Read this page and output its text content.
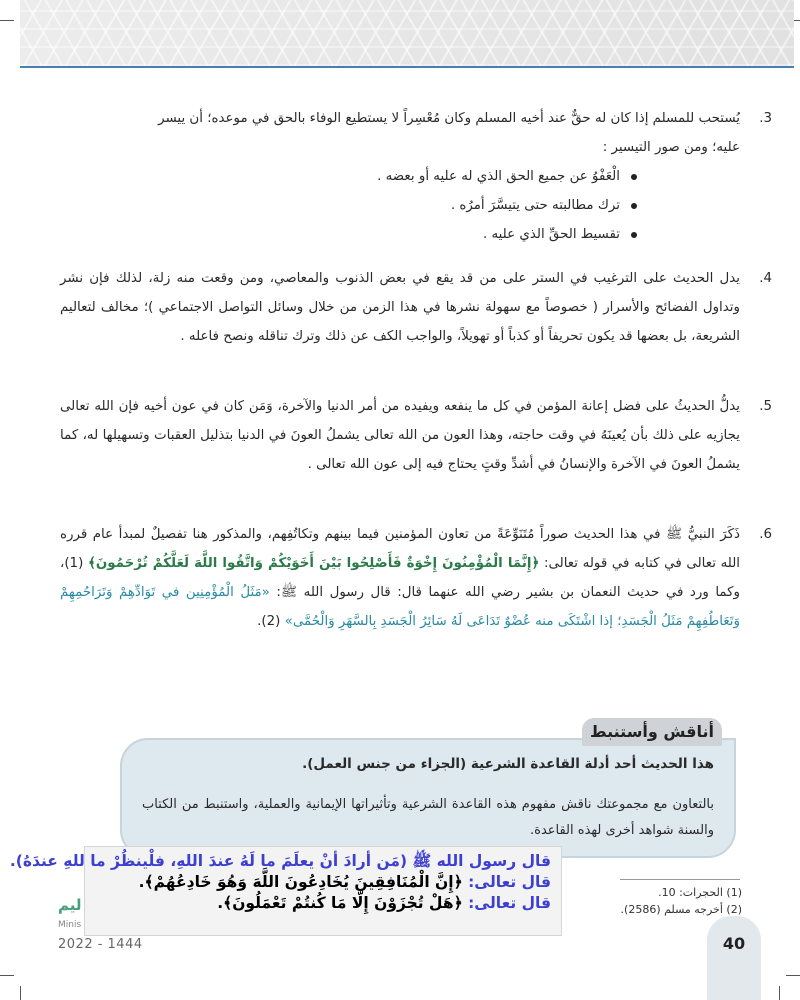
3.
يُستحب للمسلم إذا كان له حقٌّ عند أخيه المسلم وكان مُعْسِراً لا يستطيع الوفاء بالحق في موعده؛ أن ييسر
عليه؛ ومن صور التيسير :
الْعَفْوُ عن جميع الحق الذي له عليه أو بعضه .
ترك مطالبته حتى يتيسَّرَ أمرُه .
تقسيط الحقِّ الذي عليه .
4.
يدل الحديث على الترغيب في الستر على من قد يقع في بعض الذنوب والمعاصي، ومن وقعت منه زلة، لذلك فإن نشر وتداول الفضائح والأسرار ( خصوصاً مع سهولة نشرها في هذا الزمن من خلال وسائل التواصل الاجتماعي )؛ مخالف لتعاليم الشريعة، بل بعضها قد يكون تحريفاً أو كذباً أو تهويلاً، والواجب الكف عن ذلك وترك تناقله ونصح فاعله .
5.
يدلُّ الحديثُ على فضل إعانة المؤمن في كل ما ينفعه ويفيده من أمر الدنيا والآخرة، وَمَن كان في عون أخيه فإن الله تعالى يجازيه على ذلك بأن يُعينَهُ في وقت حاجته، وهذا العون من الله تعالى يشملُ العونَ في الدنيا بتذليل العقبات وتسهيلها له، كما يشملُ العونَ في الآخرة والإنسانُ في أشدِّ وقتٍ يحتاج فيه إلى عون الله تعالى .
6.
ذَكَرَ النبيُّ ﷺ في هذا الحديث صوراً مُتَنَوِّعَةً من تعاون المؤمنين فيما بينهم وتكاتُفِهم، والمذكور هنا تفصيلٌ لمبدأ عام قرره الله تعالى في كتابه في قوله تعالى: ﴿إِنَّمَا الْمُؤْمِنُونَ إِخْوَةٌ فَأَصْلِحُوا بَيْنَ أَخَوَيْكُمْ وَاتَّقُوا اللَّهَ لَعَلَّكُمْ تُرْحَمُونَ﴾ (1)، وكما ورد في حديث النعمان بن بشير رضي الله عنهما قال: قال رسول الله ﷺ: «مَثَلُ الْمُؤْمِنِين في تَوَادِّهِمْ وَتَرَاحُمِهِمْ وَتَعَاطُفِهِمْ مَثَلُ الْجَسَدِ؛ إذا اشْتَكَى منه عُضْوٌ تَدَاعَى لَهُ سَائِرُ الْجَسَدِ بِالسَّهَرِ وَالْحُمَّى» (2).
هذا الحديث أحد أدلة القاعدة الشرعية (الجزاء من جنس العمل).
بالتعاون مع مجموعتك ناقش مفهوم هذه القاعدة الشرعية وتأثيراتها الإيمانية والعملية، واستنبط من الكتاب والسنة شواهد أخرى لهذه القاعدة.
أناقش وأستنبط
(1) الحجرات: 10.
(2) أخرجه مسلم (2586).
ليم
Minis
2022 - 1444
قال رسول الله ﷺ (مَن أرادَ أنْ يعلَمَ ما لَهُ عندَ اللهِ، فلْينظُرْ ما للهِ عندَهُ).
قال تعالى: ﴿إِنَّ الْمُنَافِقِينَ يُخَادِعُونَ اللَّهَ وَهُوَ خَادِعُهُمْ﴾.
قال تعالى: ﴿هَلْ تُجْزَوْنَ إِلَّا مَا كُنتُمْ تَعْمَلُونَ﴾.
40
